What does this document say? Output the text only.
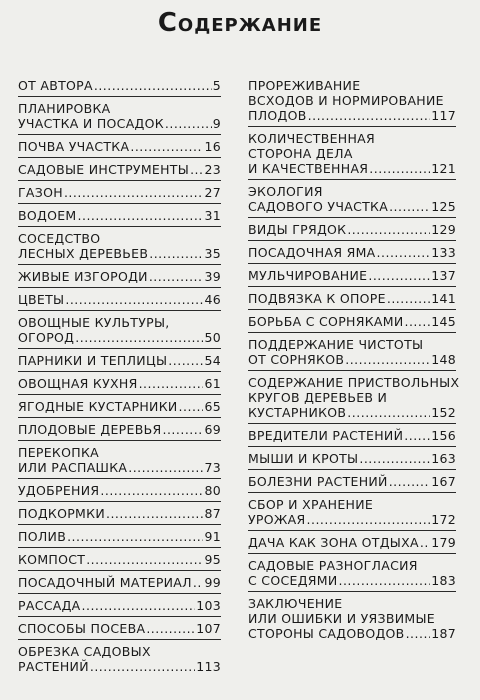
Содержание
ОТ АВТОРА .....	5
ПЛАНИРОВКА
УЧАСТКА И ПОСАДОК .....	9
ПОЧВА УЧАСТКА .....	16
САДОВЫЕ ИНСТРУМЕНТЫ ..... 23
ГАЗОН .....	27
ВОДОЕМ .....	31
СОСЕДСТВО
ЛЕСНЫХ ДЕРЕВЬЕВ .....	35
ЖИВЫЕ ИЗГОРОДИ .....	39
ЦВЕТЫ .....	46
ОВОЩНЫЕ КУЛЬТУРЫ,
ОГОРОД .....	50
ПАРНИКИ И ТЕПЛИЦЫ .....	54
ОВОЩНАЯ КУХНЯ .....	61
ЯГОДНЫЕ КУСТАРНИКИ ..... 65
ПЛОДОВЫЕ ДЕРЕВЬЯ .....	69
ПЕРЕКОПКА
ИЛИ РАСПАШКА .....	73
УДОБРЕНИЯ .....	80
ПОДКОРМКИ .....	87
ПОЛИВ .....	91
КОМПОСТ .....	95
ПОСАДОЧНЫЙ МАТЕРИАЛ ..... 99
РАССАДА .....	103
СПОСОБЫ ПОСЕВА .....	107
ОБРЕЗКА САДОВЫХ
РАСТЕНИЙ .....	113
ПРОРЕЖИВАНИЕ
ВСХОДОВ И НОРМИРОВАНИЕ
ПЛОДОВ .....	117
КОЛИЧЕСТВЕННАЯ
СТОРОНА ДЕЛА
И КАЧЕСТВЕННАЯ .....	121
ЭКОЛОГИЯ
САДОВОГО УЧАСТКА .....	125
ВИДЫ ГРЯДОК .....	129
ПОСАДОЧНАЯ ЯМА .....	133
МУЛЬЧИРОВАНИЕ .....	137
ПОДВЯЗКА К ОПОРЕ .....	141
БОРЬБА С СОРНЯКАМИ ..... 145
ПОДДЕРЖАНИЕ ЧИСТОТЫ
ОТ СОРНЯКОВ .....	148
СОДЕРЖАНИЕ ПРИСТВОЛЬНЫХ
КРУГОВ ДЕРЕВЬЕВ И
КУСТАРНИКОВ .....	152
ВРЕДИТЕЛИ РАСТЕНИЙ ..... 156
МЫШИ И КРОТЫ .....	163
БОЛЕЗНИ РАСТЕНИЙ .....	167
СБОР И ХРАНЕНИЕ
УРОЖАЯ .....	172
ДАЧА КАК ЗОНА ОТДЫХА ..... 179
САДОВЫЕ РАЗНОГЛАСИЯ
С СОСЕДЯМИ .....	183
ЗАКЛЮЧЕНИЕ
ИЛИ ОШИБКИ И УЯЗВИМЫЕ
СТОРОНЫ САДОВОДОВ ..... 187
